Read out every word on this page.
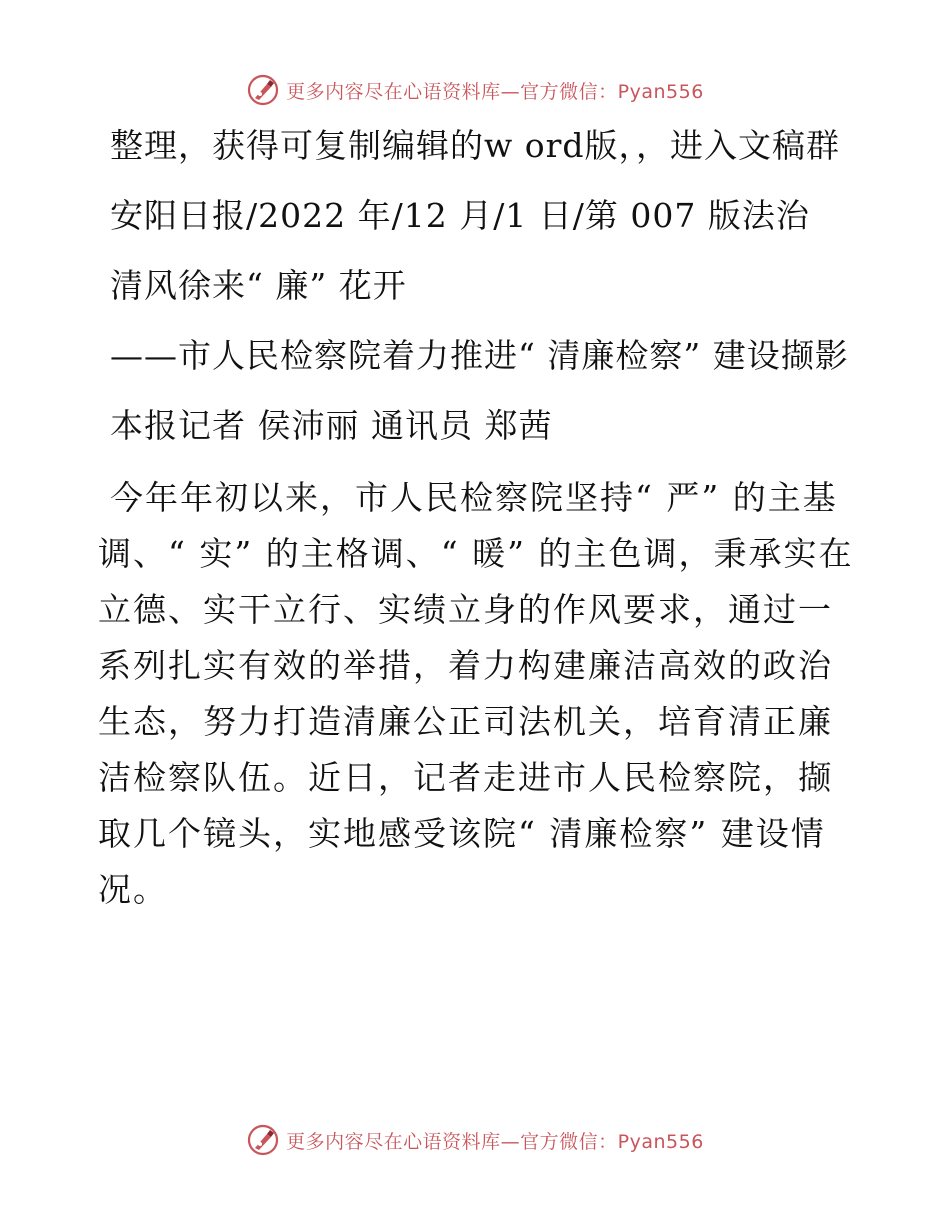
更多内容尽在心语资料库—官方微信：Pyan556

整理，获得可复制编辑的w ord版，，进入文稿群

安阳日报/2022 年/12 月/1 日/第 007 版法治

清风徐来“ 廉” 花开

——市人民检察院着力推进“ 清廉检察” 建设撷影

本报记者 侯沛丽 通讯员 郑茜

今年年初以来，市人民检察院坚持“ 严” 的主基调、“ 实” 的主格调、“ 暖” 的主色调，秉承实在立德、实干立行、实绩立身的作风要求，通过一系列扎实有效的举措，着力构建廉洁高效的政治生态，努力打造清廉公正司法机关，培育清正廉洁检察队伍。近日，记者走进市人民检察院，撷取几个镜头，实地感受该院“ 清廉检察” 建设情况。

更多内容尽在心语资料库—官方微信：Pyan556
